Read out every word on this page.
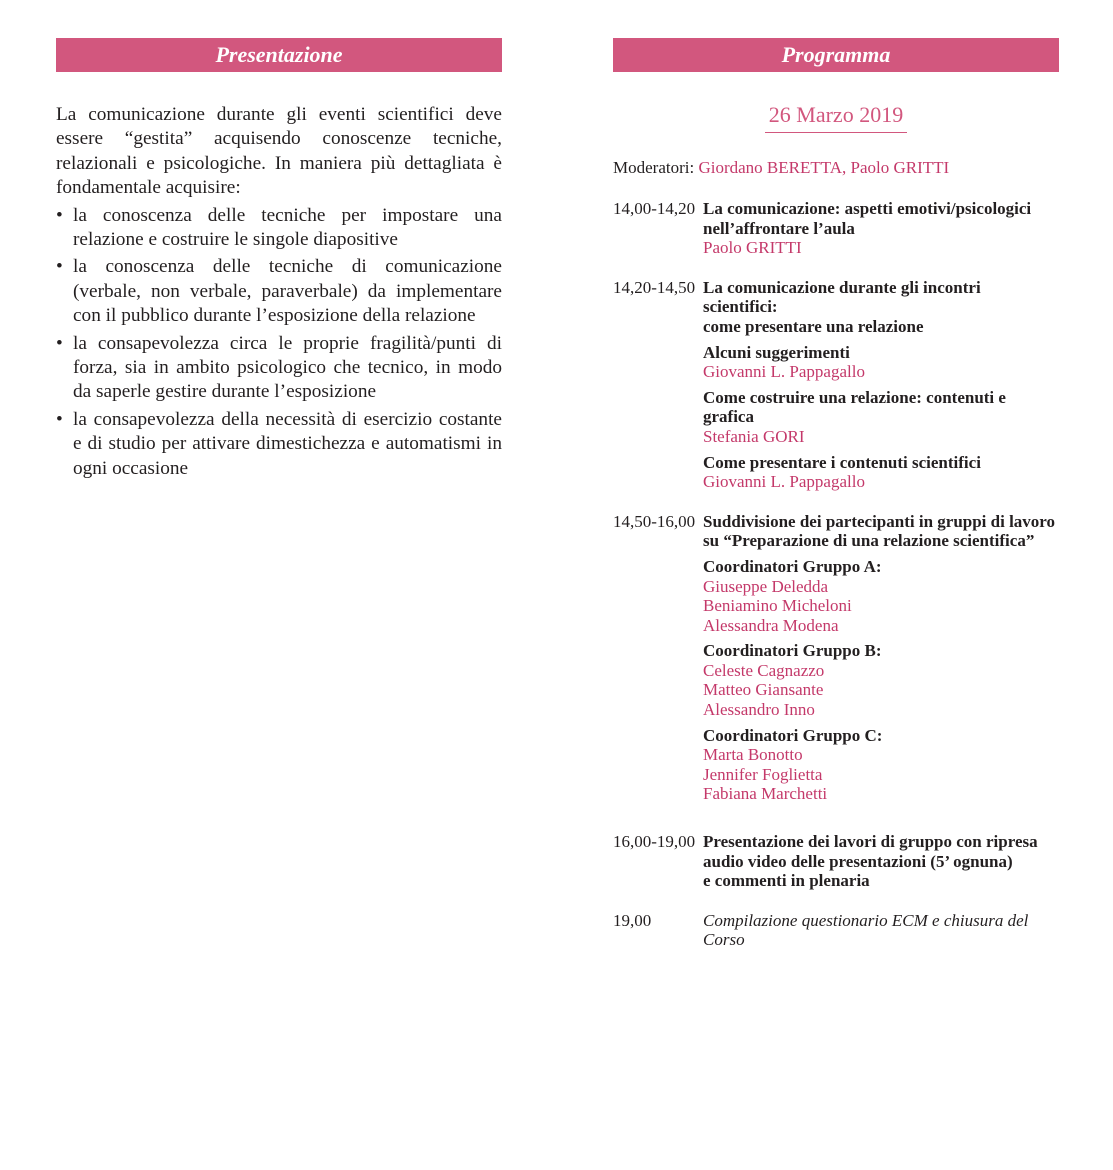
Presentazione

La comunicazione durante gli eventi scientifici deve essere “gestita” acquisendo conoscenze tecniche, relazionali e psicologiche. In maniera più dettagliata è fondamentale acquisire:

• la conoscenza delle tecniche per impostare una relazione e costruire le singole diapositive
• la conoscenza delle tecniche di comunicazione (verbale, non verbale, paraverbale) da implementare con il pubblico durante l’esposizione della relazione
• la consapevolezza circa le proprie fragilità/punti di forza, sia in ambito psicologico che tecnico, in modo da saperle gestire durante l’esposizione
• la consapevolezza della necessità di esercizio costante e di studio per attivare dimestichezza e automatismi in ogni occasione
Programma
26 Marzo 2019
Moderatori: Giordano BERETTA, Paolo GRITTI
14,00-14,20 La comunicazione: aspetti emotivi/psicologici
nell’affrontare l’aula
Paolo GRITTI
14,20-14,50 La comunicazione durante gli incontri scientifici:
come presentare una relazione
Alcuni suggerimenti
Giovanni L. Pappagallo
Come costruire una relazione: contenuti e grafica
Stefania GORI
Come presentare i contenuti scientifici
Giovanni L. Pappagallo
14,50-16,00 Suddivisione dei partecipanti in gruppi di lavoro
su “Preparazione di una relazione scientifica”
Coordinatori Gruppo A:
Giuseppe Deledda
Beniamino Micheloni
Alessandra Modena
Coordinatori Gruppo B:
Celeste Cagnazzo
Matteo Giansante
Alessandro Inno
Coordinatori Gruppo C:
Marta Bonotto
Jennifer Foglietta
Fabiana Marchetti
16,00-19,00 Presentazione dei lavori di gruppo con ripresa
audio video delle presentazioni (5’ ognuna)
e commenti in plenaria
19,00	Compilazione questionario ECM e chiusura del Corso
